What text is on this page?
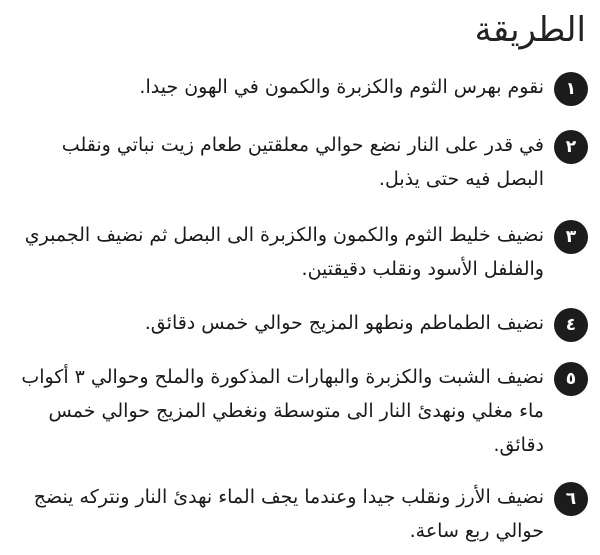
الطريقة
١
نقوم بهرس الثوم والكزبرة والكمون في الهون جيدا.
٢
في قدر على النار نضع حوالي معلقتين طعام زيت نباتي ونقلب البصل فيه حتى يذبل.
٣
نضيف خليط الثوم والكمون والكزبرة الى البصل ثم نضيف الجمبري والفلفل الأسود ونقلب دقيقتين.
٤
نضيف الطماطم ونطهو المزيج حوالي خمس دقائق.
٥
نضيف الشبت والكزبرة والبهارات المذكورة والملح وحوالي ٣ أكواب ماء مغلي ونهدئ النار الى متوسطة ونغطي المزيج حوالي خمس دقائق.
٦
نضيف الأرز ونقلب جيدا وعندما يجف الماء نهدئ النار ونتركه ينضج حوالي ربع ساعة.
